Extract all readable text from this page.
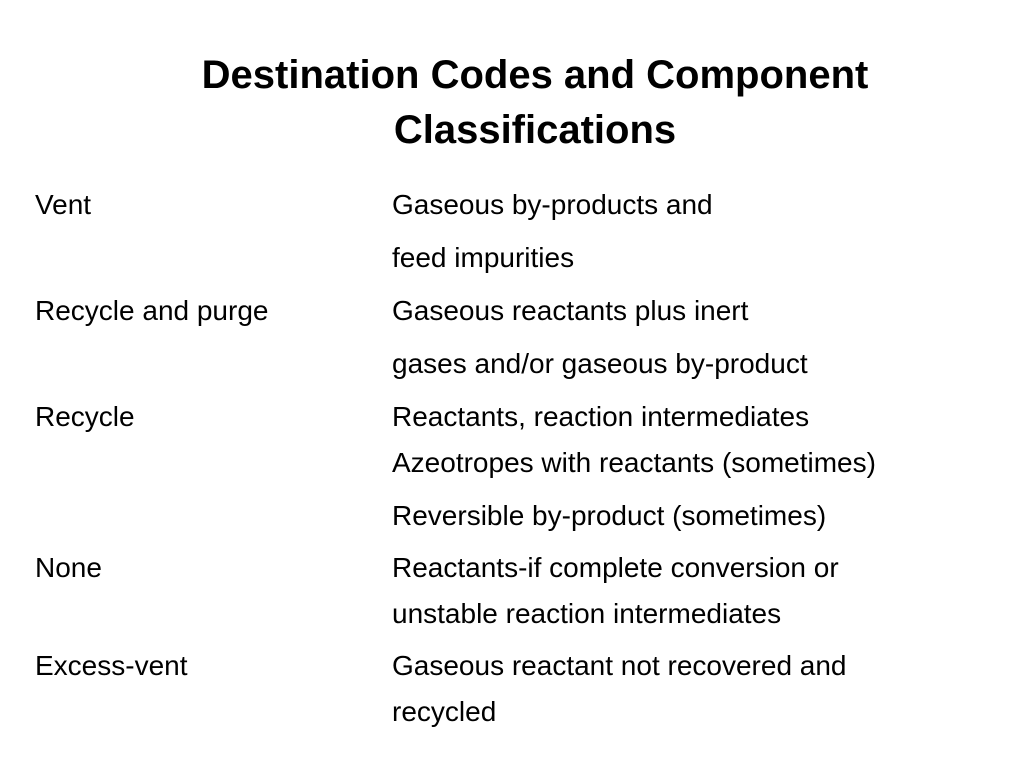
Destination Codes and Component
Classifications
Vent	Gaseous by-products and
feed impurities
Recycle and purge	Gaseous reactants plus inert
gases and/or gaseous by-product
Recycle	Reactants, reaction intermediates
Azeotropes with reactants (sometimes)
Reversible by-product (sometimes)
None	Reactants-if complete conversion or
unstable reaction intermediates
Excess-vent	Gaseous reactant not recovered and
recycled
